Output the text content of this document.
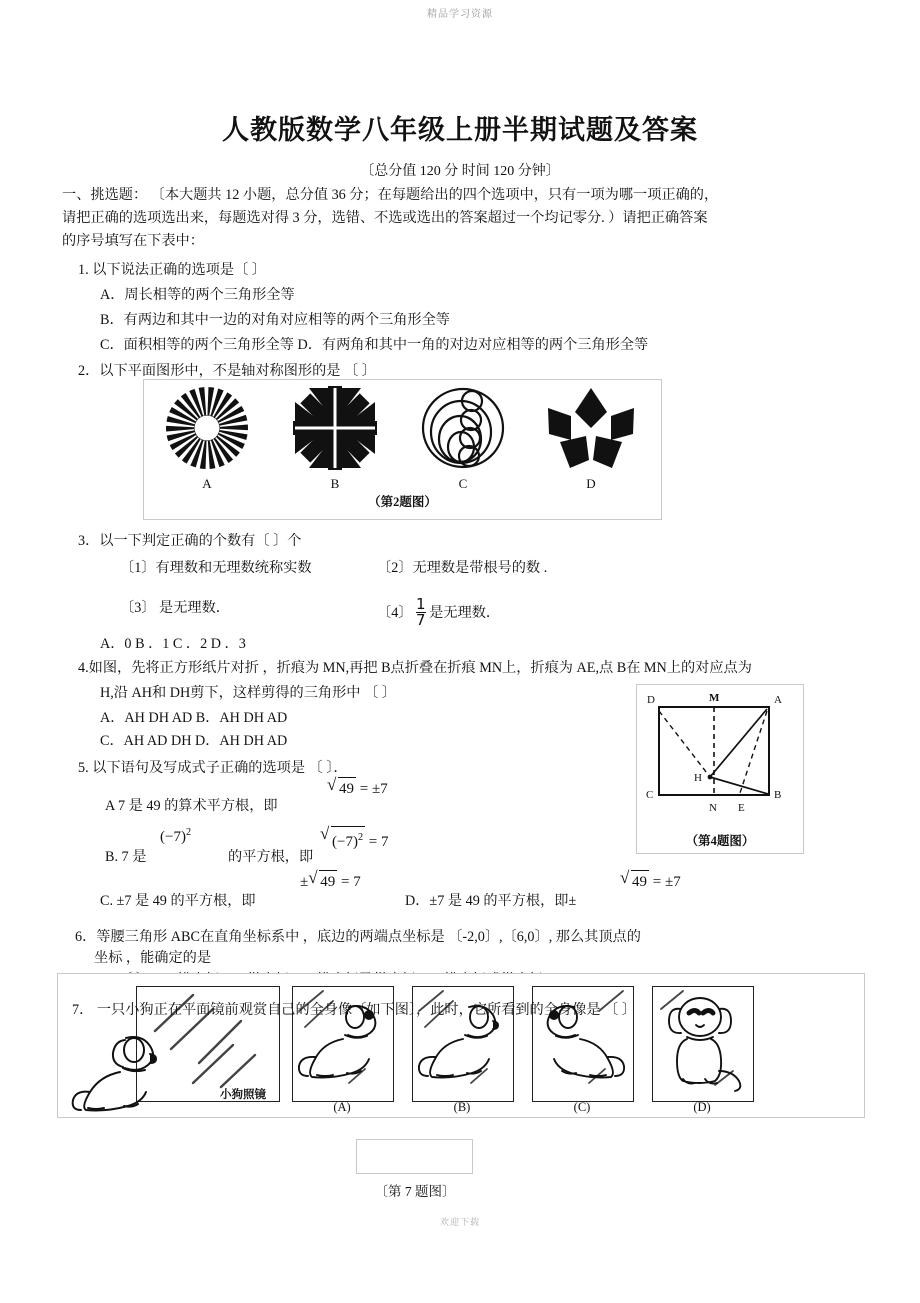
精品学习资源
人教版数学八年级上册半期试题及答案
〔总分值 120 分 时间 120 分钟〕
一、挑选题： 〔本大题共 12 小题，总分值 36 分；在每题给出的四个选项中，只有一项为哪一项正确的，
请把正确的选项选出来，每题选对得 3 分，选错、不选或选出的答案超过一个均记零分. ）请把正确答案
的序号填写在下表中：
1. 以下说法正确的选项是〔 〕
A．周长相等的两个三角形全等
B．有两边和其中一边的对角对应相等的两个三角形全等
C．面积相等的两个三角形全等 D．有两角和其中一角的对边对应相等的两个三角形全等
2．以下平面图形中，不是轴对称图形的是 〔 〕
A	B	C	D
（第2题图）
3．以一下判定正确的个数有〔 〕个
〔1〕有理数和无理数统称实数	〔2〕无理数是带根号的数 .
〔3〕 是无理数．	〔4〕 $\frac{1}{7}$ 是无理数．
A．0 B ．1 C ．2 D ．3
4.如图，先将正方形纸片对折 ，折痕为 MN,再把 B点折叠在折痕 MN上，折痕为 AE,点 B在 MN上的对应点为
H,沿 AH和 DH剪下，这样剪得的三角形中 〔 〕
A．AH DH AD B．AH DH AD
C．AH AD DH D．AH DH AD
D	M	A
C	B
N E
H
（第4题图）
5. 以下语句及写成式子正确的选项是 〔 〕．
A 7 是 49 的算术平方根，即
√ 49 = ±7
B. 7 是
$(-7)^2$
的平方根，即
√ $(-7)^2 = 7$
C. ±7 是 49 的平方根，即
± √ 49 = 7
D．±7 是 49 的平方根，即±
√ 49 = ±7
6．等腰三角形 ABC在直角坐标系中 ，底边的两端点坐标是 〔-2,0〕,〔6,0〕, 那么其顶点的
坐标 ，能确定的是
小狗照镜
(A)	(B)	(C)	(D)
7． 一只小狗正在平面镜前观赏自己的全身像〔如下图〕，此时，它所看到的全身像是 〔 〕
〔第 7 题图〕
欢迎下载
